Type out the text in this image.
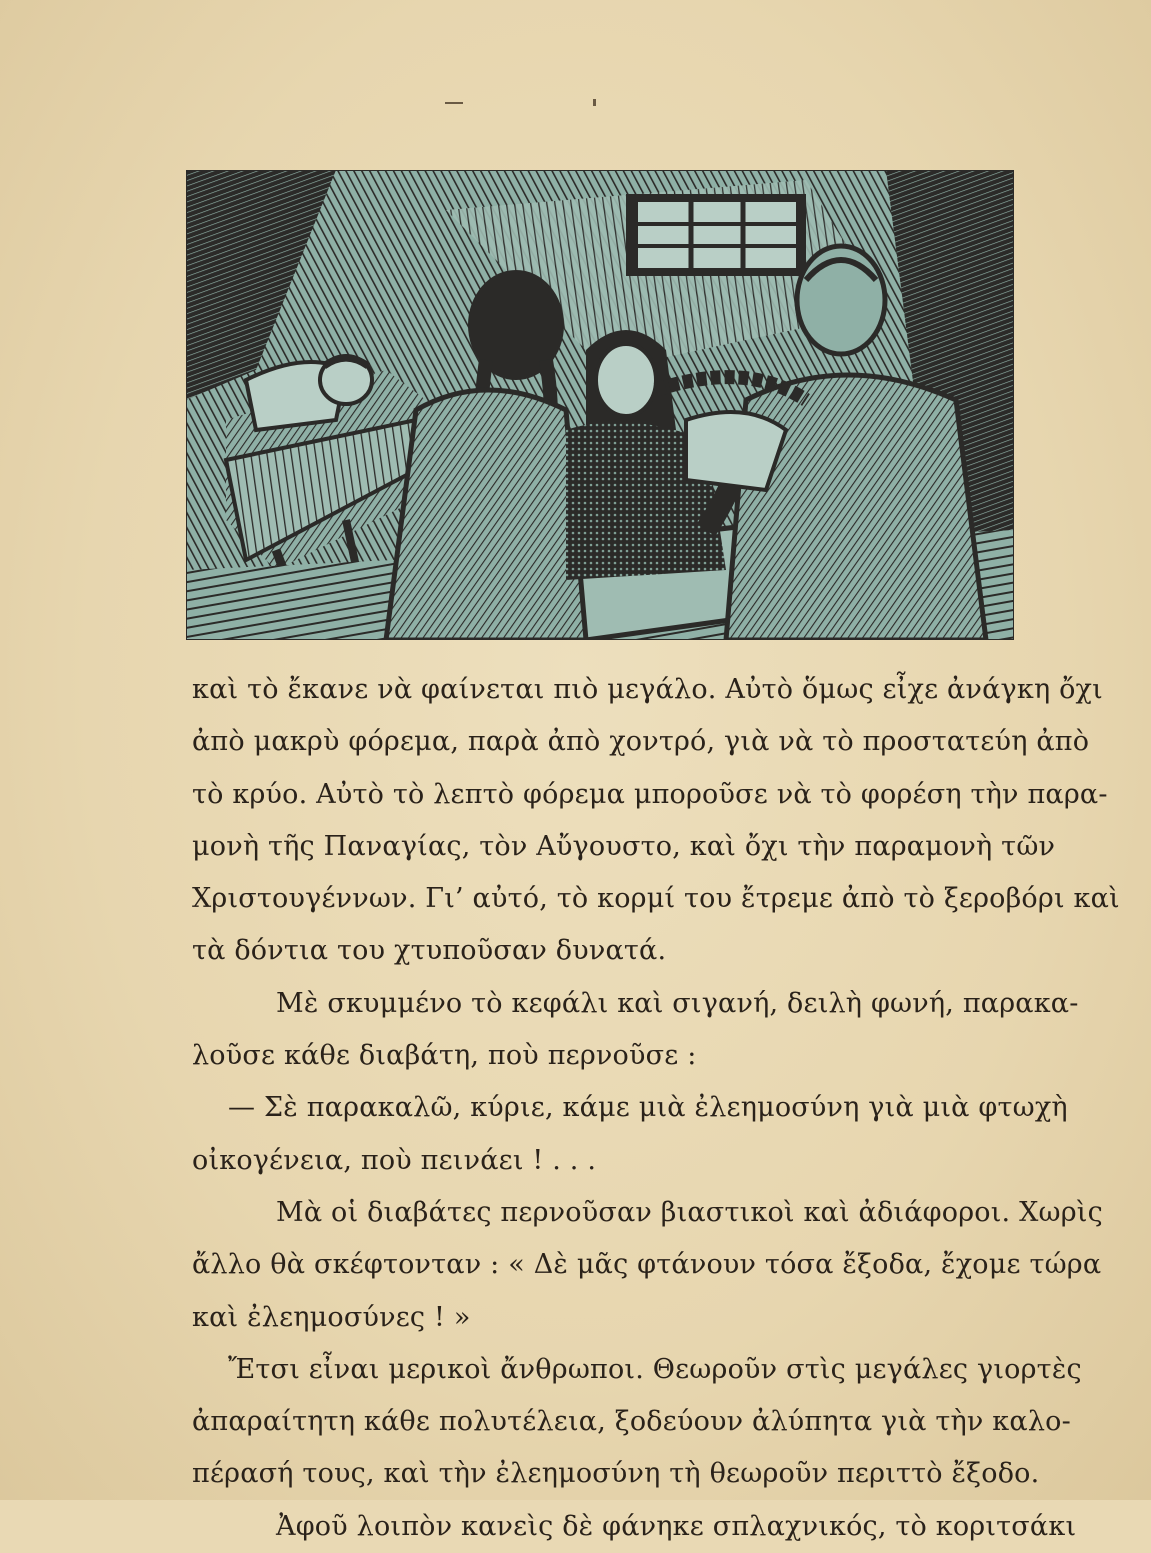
καὶ τὸ ἔκανε νὰ φαίνεται πιὸ μεγάλο. Αὐτὸ ὅμως εἶχε ἀνάγκη ὄχι
ἀπὸ μακρὺ φόρεμα, παρὰ ἀπὸ χοντρό, γιὰ νὰ τὸ προστατεύη ἀπὸ
τὸ κρύο. Αὐτὸ τὸ λεπτὸ φόρεμα μποροῦσε νὰ τὸ φορέση τὴν παρα-
μονὴ τῆς Παναγίας, τὸν Αὔγουστο, καὶ ὄχι τὴν παραμονὴ τῶν
Χριστουγέννων. Γι’ αὐτό, τὸ κορμί του ἔτρεμε ἀπὸ τὸ ξεροβόρι καὶ
τὰ δόντια του χτυποῦσαν δυνατά.
Μὲ σκυμμένο τὸ κεφάλι καὶ σιγανή, δειλὴ φωνή, παρακα-
λοῦσε κάθε διαβάτη, ποὺ περνοῦσε :
— Σὲ παρακαλῶ, κύριε, κάμε μιὰ ἐλεημοσύνη γιὰ μιὰ φτωχὴ
οἰκογένεια, ποὺ πεινάει ! . . .
Μὰ οἱ διαβάτες περνοῦσαν βιαστικοὶ καὶ ἀδιάφοροι. Χωρὶς
ἄλλο θὰ σκέφτονταν : « Δὲ μᾶς φτάνουν τόσα ἔξοδα, ἔχομε τώρα
καὶ ἐλεημοσύνες ! »
Ἔτσι εἶναι μερικοὶ ἄνθρωποι. Θεωροῦν στὶς μεγάλες γιορτὲς
ἀπαραίτητη κάθε πολυτέλεια, ξοδεύουν ἀλύπητα γιὰ τὴν καλο-
πέρασή τους, καὶ τὴν ἐλεημοσύνη τὴ θεωροῦν περιττὸ ἔξοδο.
Ἀφοῦ λοιπὸν κανεὶς δὲ φάνηκε σπλαχνικός, τὸ κοριτσάκι
